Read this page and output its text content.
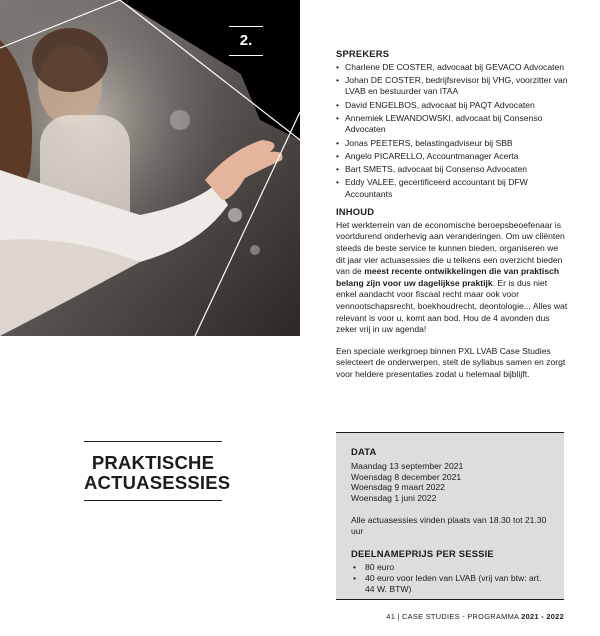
2.
SPREKERS
• Charlene DE COSTER, advocaat bij GEVACO Advocaten
• Johan DE COSTER, bedrijfsrevisor bij VHG, voorzitter van LVAB en bestuurder van ITAA
• David ENGELBOS, advocaat bij PAQT Advocaten
• Annemiek LEWANDOWSKI, advocaat bij Consenso Advocaten
• Jonas PEETERS, belastingadviseur bij SBB
• Angelo PICARELLO, Accountmanager Acerta
• Bart SMETS, advocaat bij Consenso Advocaten
• Eddy VALEE, gecertificeerd accountant bij DFW Accountants
INHOUD

Het werkterrein van de economische beroepsbeoefenaar is voortdurend onderhevig aan veranderingen. Om uw cliënten steeds de beste service te kunnen bieden, organiseren we dit jaar vier actuasessies die u telkens een overzicht bieden van de meest recente ontwikkelingen die van praktisch belang zijn voor uw dagelijkse praktijk. Er is dus niet enkel aandacht voor fiscaal recht maar ook voor vennootschapsrecht, boekhoudrecht, deontologie... Alles wat relevant is voor u, komt aan bod. Hou de 4 avonden dus zeker vrij in uw agenda!

Een speciale werkgroep binnen PXL LVAB Case Studies selecteert de onderwerpen, stelt de syllabus samen en zorgt voor heldere presentaties zodat u helemaal bijblijft.

PRAKTISCHE
ACTUASESSIES
DATA
Maandag 13 september 2021
Woensdag 8 december 2021
Woensdag 9 maart 2022
Woensdag 1 juni 2022
Alle actuasessies vinden plaats van 18.30 tot 21.30 uur
DEELNAMEPRIJS PER SESSIE
• 80 euro
• 40 euro voor leden van LVAB (vrij van btw: art. 44 W. BTW)
41 | CASE STUDIES - PROGRAMMA 2021 - 2022
